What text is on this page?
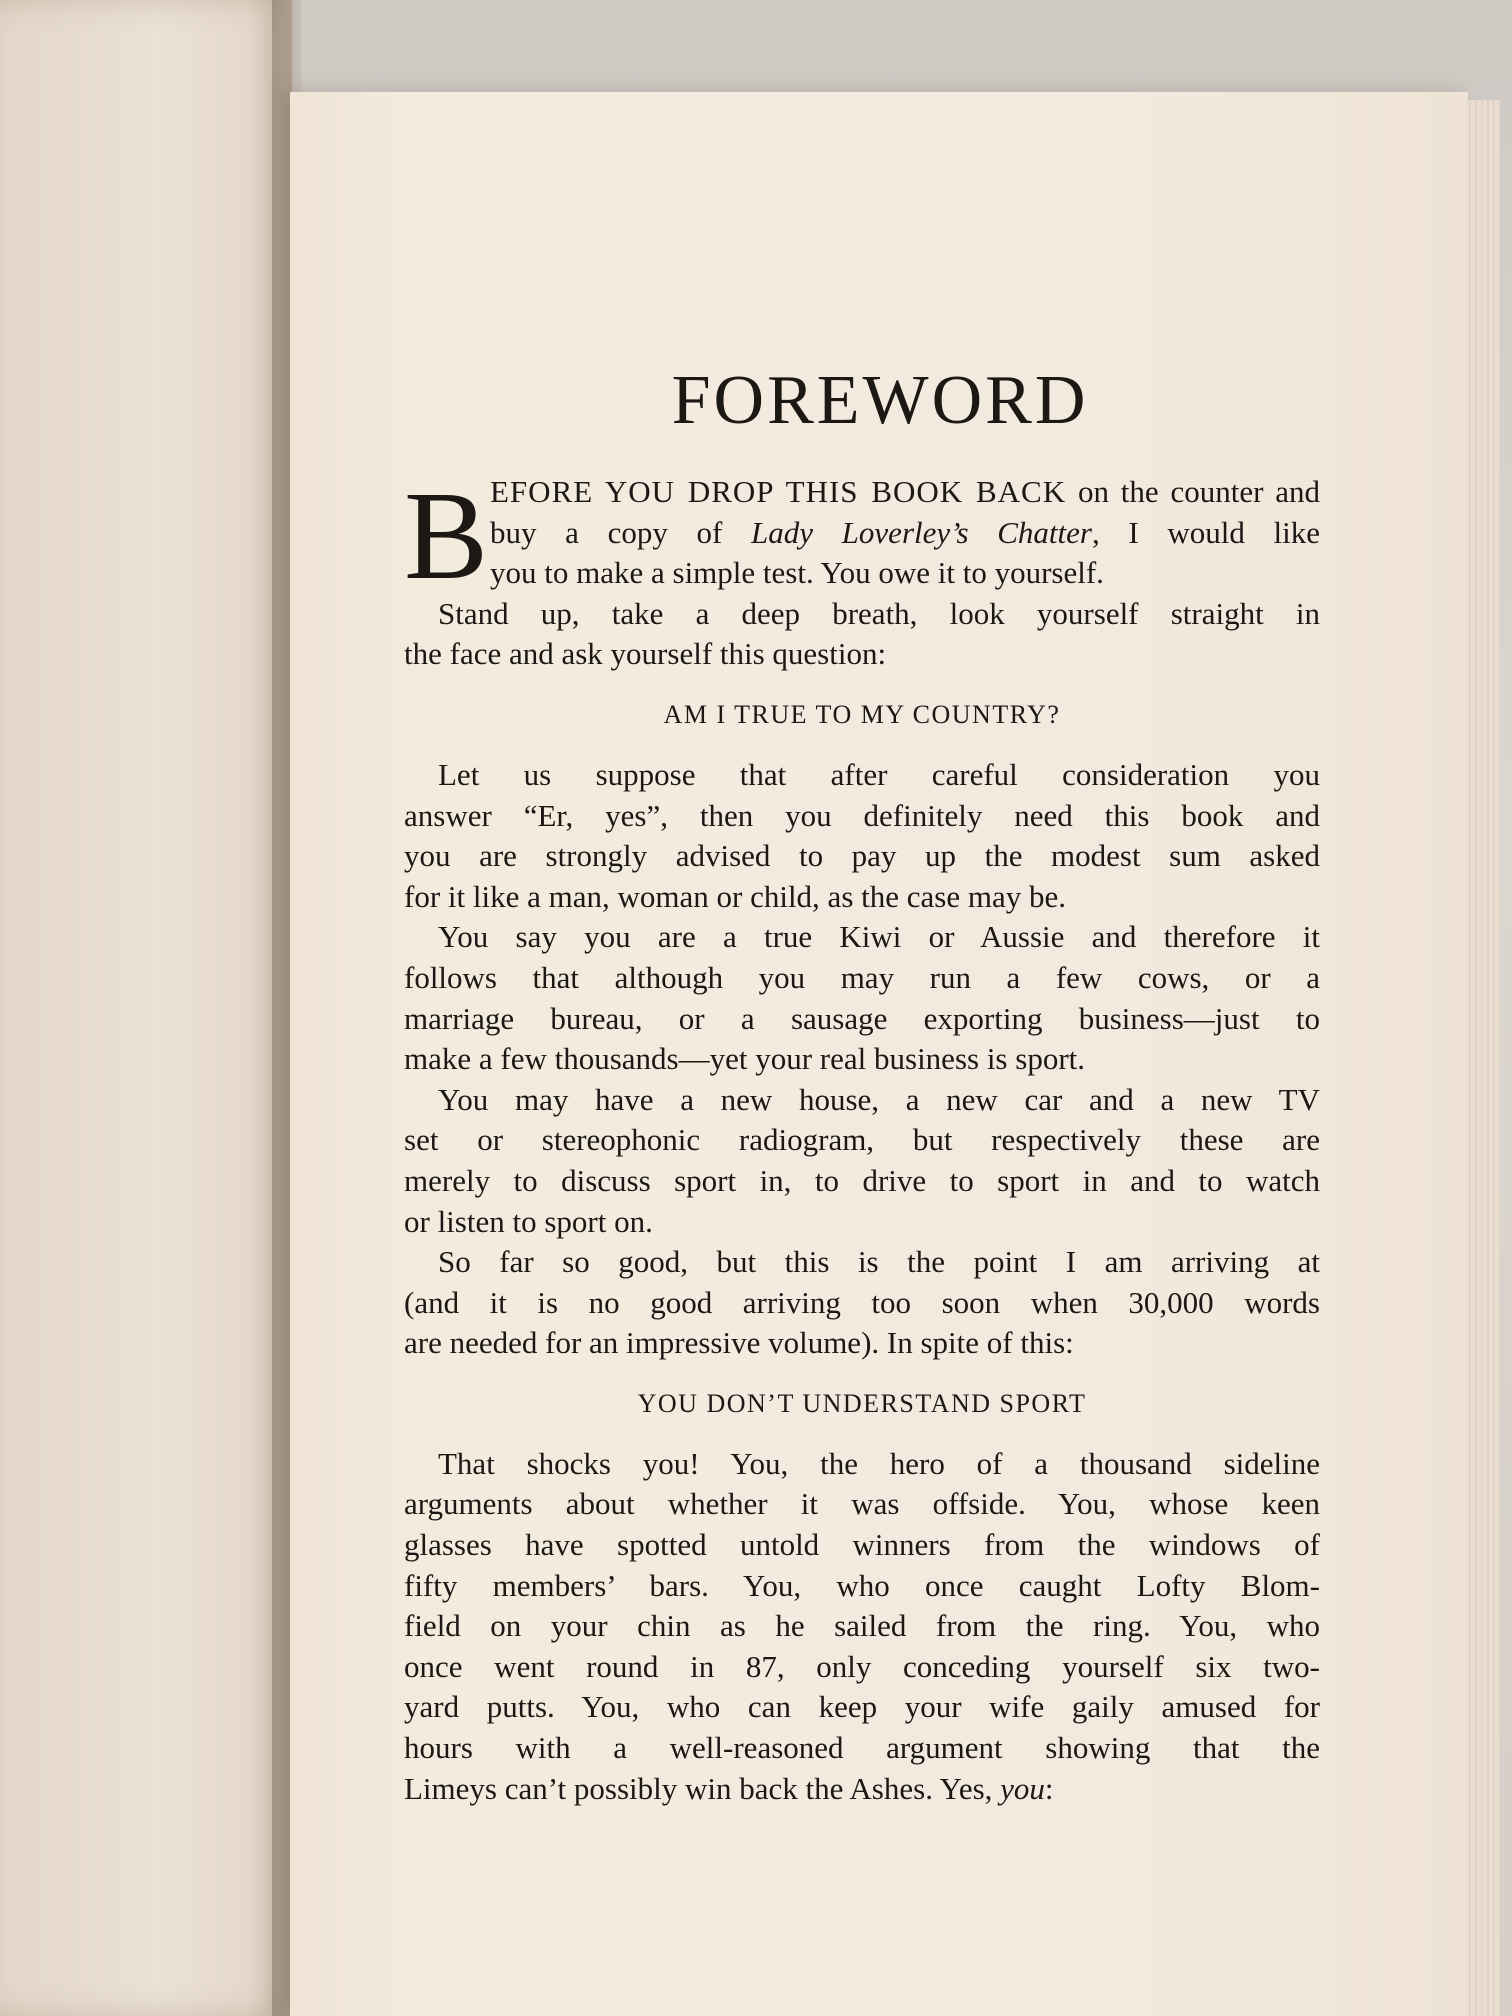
FOREWORD
B EFORE YOU DROP THIS BOOK BACK on the counter and
buy a copy of Lady Loverley’s Chatter, I would like
you to make a simple test. You owe it to yourself.
Stand up, take a deep breath, look yourself straight in
the face and ask yourself this question:
AM I TRUE TO MY COUNTRY?
Let us suppose that after careful consideration you
answer “Er, yes”, then you definitely need this book and
you are strongly advised to pay up the modest sum asked
for it like a man, woman or child, as the case may be.
You say you are a true Kiwi or Aussie and therefore it
follows that although you may run a few cows, or a
marriage bureau, or a sausage exporting business—just to
make a few thousands—yet your real business is sport.
You may have a new house, a new car and a new TV
set or stereophonic radiogram, but respectively these are
merely to discuss sport in, to drive to sport in and to watch
or listen to sport on.
So far so good, but this is the point I am arriving at
(and it is no good arriving too soon when 30,000 words
are needed for an impressive volume). In spite of this:
YOU DON’T UNDERSTAND SPORT
That shocks you! You, the hero of a thousand sideline
arguments about whether it was offside. You, whose keen
glasses have spotted untold winners from the windows of
fifty members’ bars. You, who once caught Lofty Blom-
field on your chin as he sailed from the ring. You, who
once went round in 87, only conceding yourself six two-
yard putts. You, who can keep your wife gaily amused for
hours with a well-reasoned argument showing that the
Limeys can’t possibly win back the Ashes. Yes, you:
